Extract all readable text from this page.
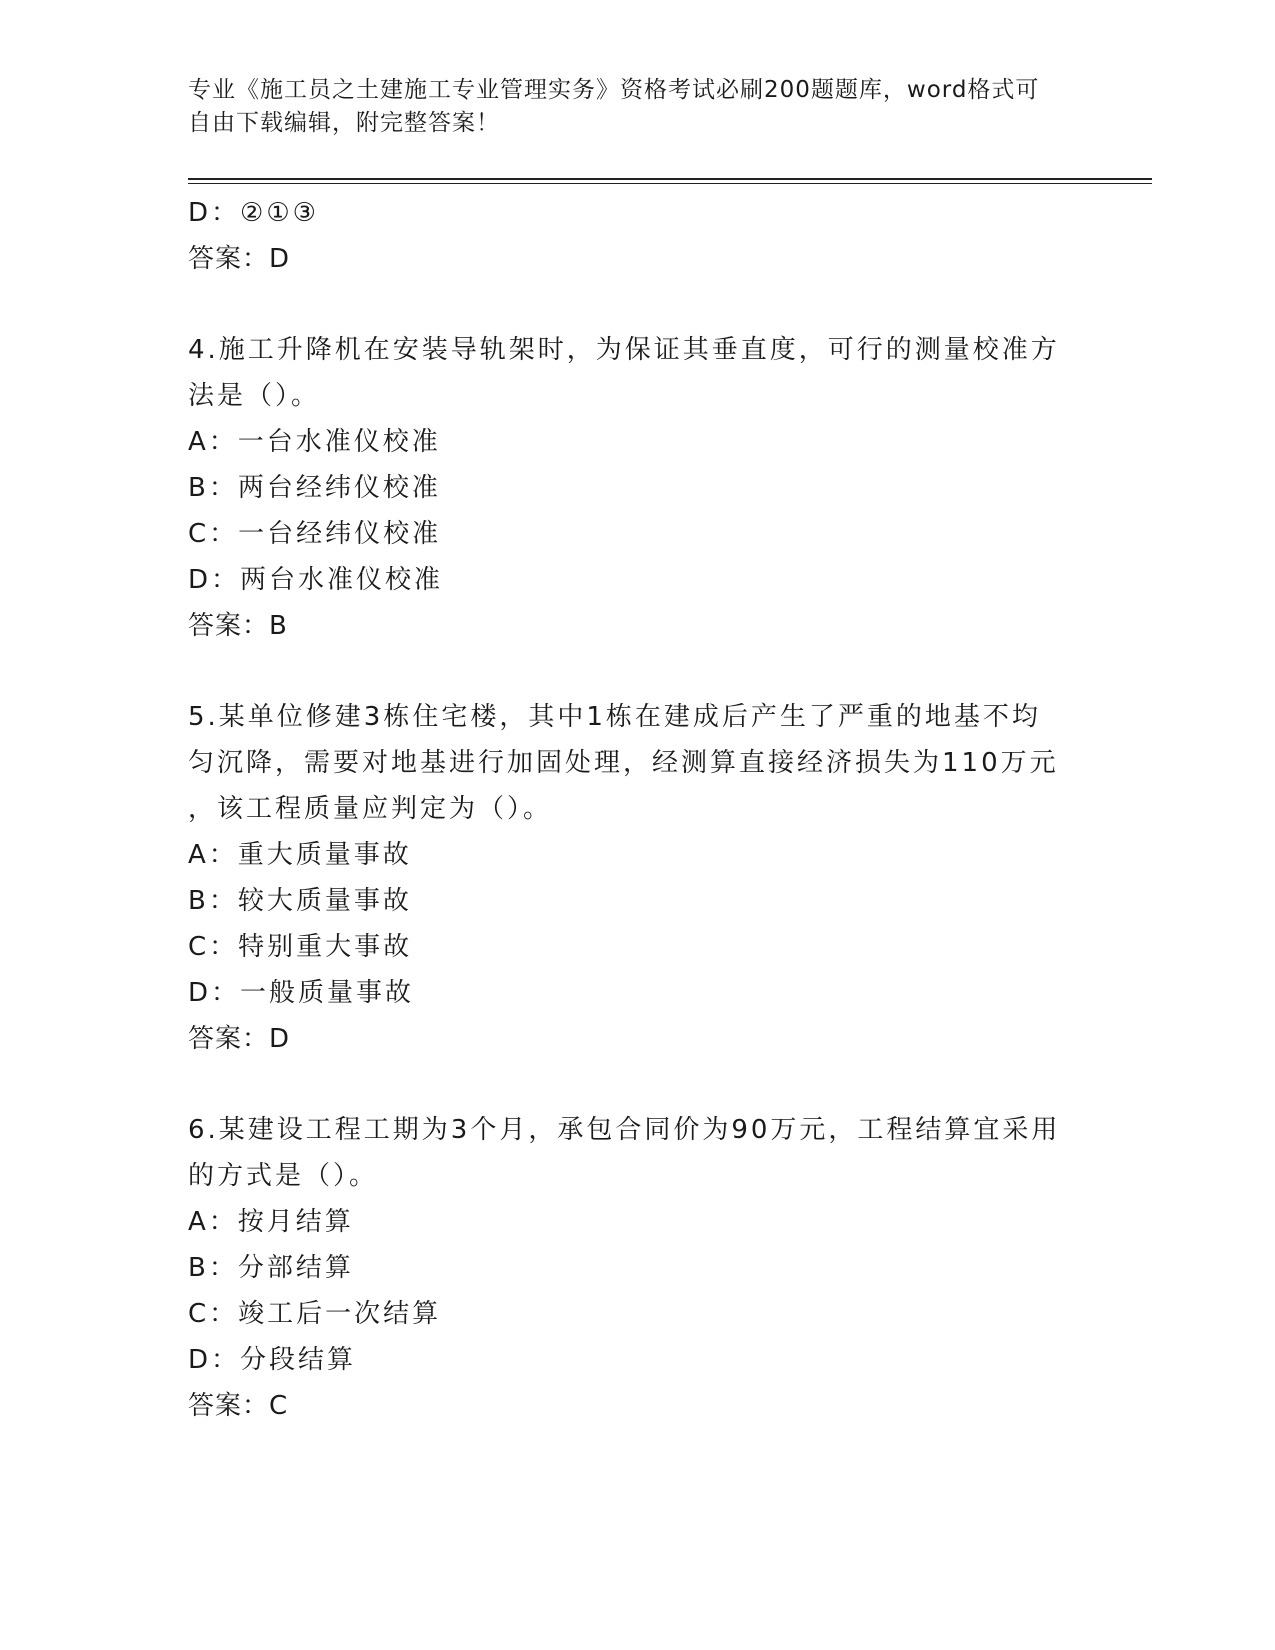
专业《施工员之土建施工专业管理实务》资格考试必刷200题题库，word格式可
自由下载编辑，附完整答案！
D：②①③
答案：D
4.施工升降机在安装导轨架时，为保证其垂直度，可行的测量校准方
法是（）。
A：一台水准仪校准
B：两台经纬仪校准
C：一台经纬仪校准
D：两台水准仪校准
答案：B
5.某单位修建3栋住宅楼，其中1栋在建成后产生了严重的地基不均
匀沉降，需要对地基进行加固处理，经测算直接经济损失为110万元
，该工程质量应判定为（）。
A：重大质量事故
B：较大质量事故
C：特别重大事故
D：一般质量事故
答案：D
6.某建设工程工期为3个月，承包合同价为90万元，工程结算宜采用
的方式是（）。
A：按月结算
B：分部结算
C：竣工后一次结算
D：分段结算
答案：C
